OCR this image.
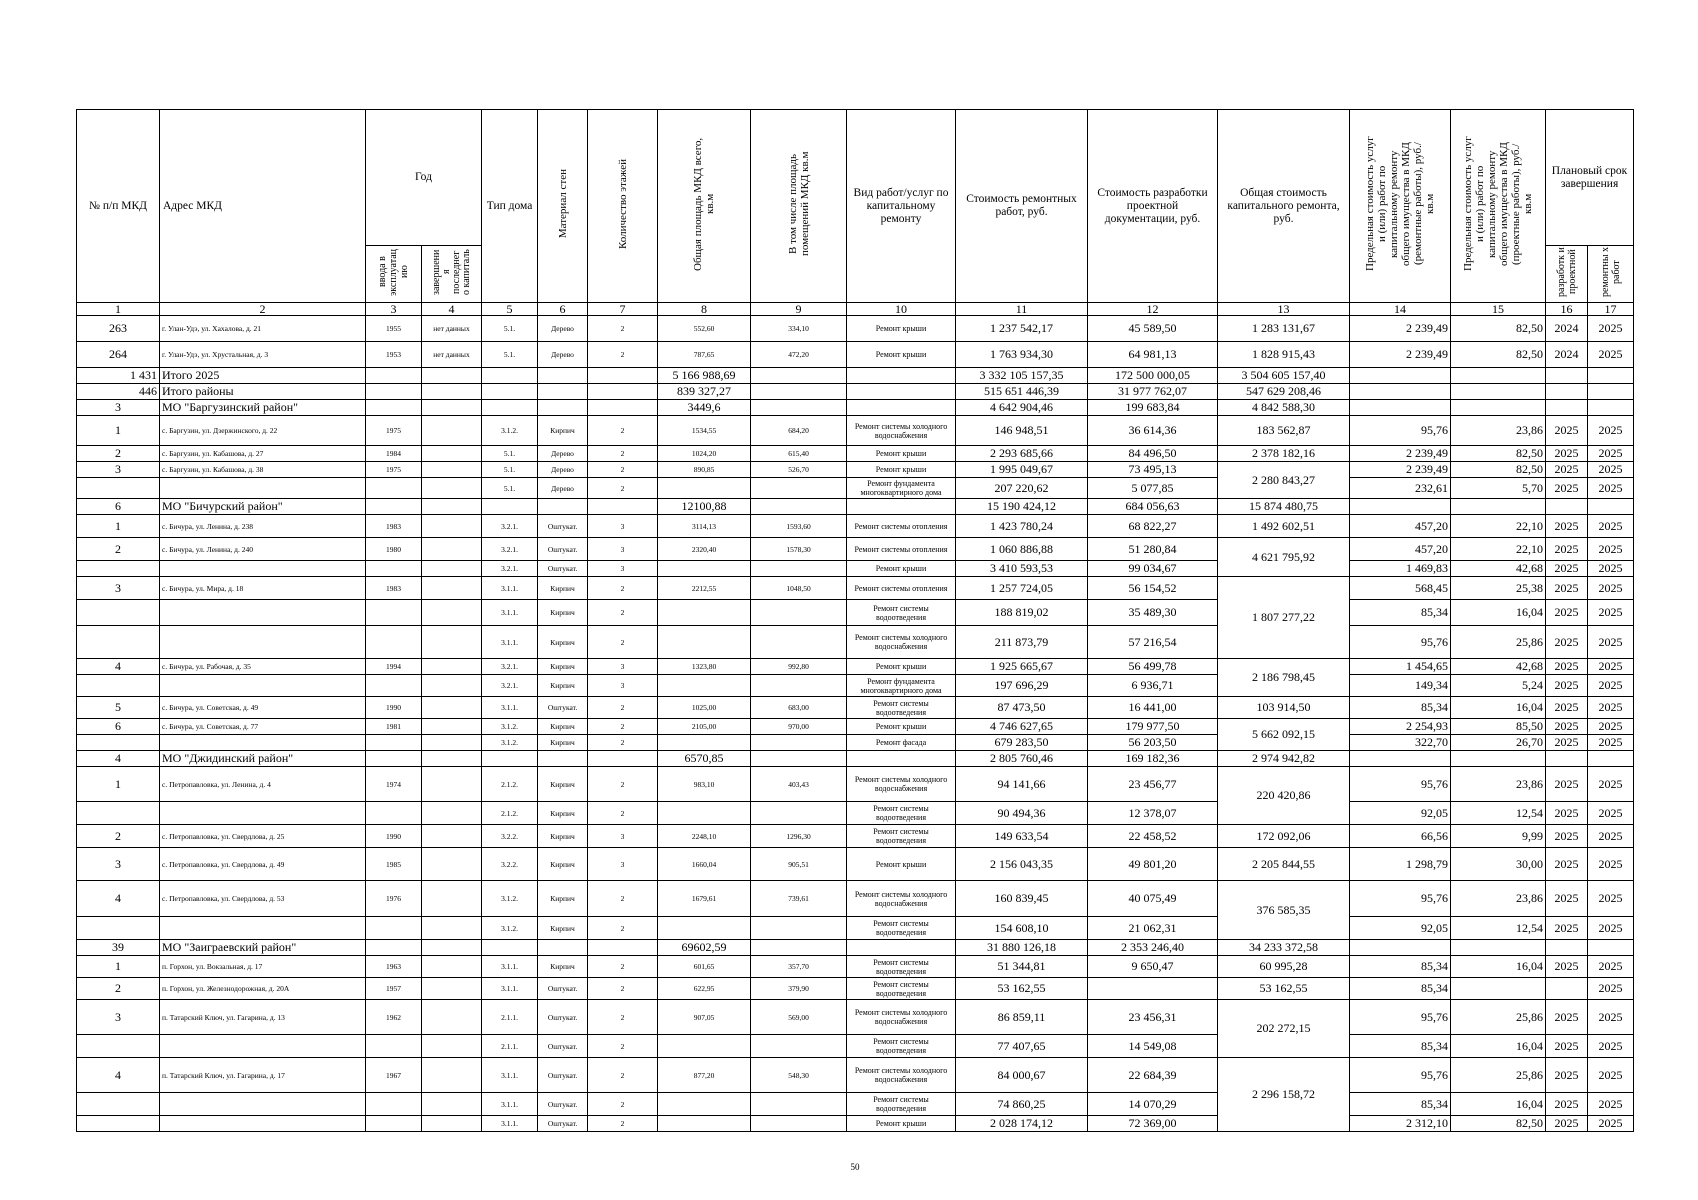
№ п/п МКД	Адрес МКД	Год		Тип дома	Материал стен	Количество этажей	Общая площадь МКД всего, кв.м	В том числе площадь помещений МКД кв.м	Вид работ/услуг по капитальному ремонту	Стоимость ремонтных работ, руб.	Стоимость разработки проектной документации, руб.	Общая стоимость капитального ремонта, руб.	Предельная стоимость услуг и (или) работ по капитальному ремонту общего имущества в МКД (ремонтные работы), руб./кв.м	Предельная стоимость услуг и (или) работ по капитальному ремонту общего имущества в МКД (проектные работы), руб./кв.м	Плановый срок завершения	
		ввода в эксплуатац ию	завершени я последнег о капиталь												разработк и проектной	ремонтны х работ
1	2	3	4	5	6	7	8	9	10	11	12	13	14	15	16	17
263	г. Улан-Удэ, ул. Хахалова, д. 21	1955	нет данных	5.1.	Дерево	2	552,60	334,10	Ремонт крыши	1 237 542,17	45 589,50	1 283 131,67	2 239,49	82,50	2024	2025
264	г. Улан-Удэ, ул. Хрустальная, д. 3	1953	нет данных	5.1.	Дерево	2	787,65	472,20	Ремонт крыши	1 763 934,30	64 981,13	1 828 915,43	2 239,49	82,50	2024	2025
1 431	Итого 2025						5 166 988,69			3 332 105 157,35	172 500 000,05	3 504 605 157,40				
446	Итого районы						839 327,27			515 651 446,39	31 977 762,07	547 629 208,46				
3	МО "Баргузинский район"						3449,6			4 642 904,46	199 683,84	4 842 588,30				
1	с. Баргузин, ул. Дзержинского, д. 22	1975		3.1.2.	Кирпич	2	1534,55	684,20	Ремонт системы холодного водоснабжения	146 948,51	36 614,36	183 562,87	95,76	23,86	2025	2025
2	с. Баргузин, ул. Кабашова, д. 27	1984		5.1.	Дерево	2	1024,20	615,40	Ремонт крыши	2 293 685,66	84 496,50	2 378 182,16	2 239,49	82,50	2025	2025
3	с. Баргузин, ул. Кабашова, д. 38	1975		5.1.	Дерево	2	890,85	526,70	Ремонт крыши	1 995 049,67	73 495,13	2 280 843,27	2 239,49	82,50	2025	2025
				5.1.	Дерево	2			Ремонт фундамента многоквартирного дома	207 220,62	5 077,85		232,61	5,70	2025	2025
6	МО "Бичурский район"						12100,88			15 190 424,12	684 056,63	15 874 480,75				
1	с. Бичура, ул. Ленина, д. 238	1983		3.2.1.	Оштукат.	3	3114,13	1593,60	Ремонт системы отопления	1 423 780,24	68 822,27	1 492 602,51	457,20	22,10	2025	2025
2	с. Бичура, ул. Ленина, д. 240	1980		3.2.1.	Оштукат.	3	2320,40	1578,30	Ремонт системы отопления	1 060 886,88	51 280,84	4 621 795,92	457,20	22,10	2025	2025
				3.2.1.	Оштукат.	3			Ремонт крыши	3 410 593,53	99 034,67		1 469,83	42,68	2025	2025
3	с. Бичура, ул. Мира, д. 18	1983		3.1.1.	Кирпич	2	2212,55	1048,50	Ремонт системы отопления	1 257 724,05	56 154,52	1 807 277,22	568,45	25,38	2025	2025
				3.1.1.	Кирпич	2			Ремонт системы водоотведения	188 819,02	35 489,30		85,34	16,04	2025	2025
				3.1.1.	Кирпич	2			Ремонт системы холодного водоснабжения	211 873,79	57 216,54		95,76	25,86	2025	2025
4	с. Бичура, ул. Рабочая, д. 35	1994		3.2.1.	Кирпич	3	1323,80	992,80	Ремонт крыши	1 925 665,67	56 499,78	2 186 798,45	1 454,65	42,68	2025	2025
				3.2.1.	Кирпич	3			Ремонт фундамента многоквартирного дома	197 696,29	6 936,71		149,34	5,24	2025	2025
5	с. Бичура, ул. Советская, д. 49	1990		3.1.1.	Оштукат.	2	1025,00	683,00	Ремонт системы водоотведения	87 473,50	16 441,00	103 914,50	85,34	16,04	2025	2025
6	с. Бичура, ул. Советская, д. 77	1981		3.1.2.	Кирпич	2	2105,00	970,00	Ремонт крыши	4 746 627,65	179 977,50	5 662 092,15	2 254,93	85,50	2025	2025
				3.1.2.	Кирпич	2			Ремонт фасада	679 283,50	56 203,50		322,70	26,70	2025	2025
4	МО "Джидинский район"						6570,85			2 805 760,46	169 182,36	2 974 942,82				
1	с. Петропавловка, ул. Ленина, д. 4	1974		2.1.2.	Кирпич	2	983,10	403,43	Ремонт системы холодного водоснабжения	94 141,66	23 456,77	220 420,86	95,76	23,86	2025	2025
				2.1.2.	Кирпич	2			Ремонт системы водоотведения	90 494,36	12 378,07		92,05	12,54	2025	2025
2	с. Петропавловка, ул. Свердлова, д. 25	1990		3.2.2.	Кирпич	3	2248,10	1296,30	Ремонт системы водоотведения	149 633,54	22 458,52	172 092,06	66,56	9,99	2025	2025
3	с. Петропавловка, ул. Свердлова, д. 49	1985		3.2.2.	Кирпич	3	1660,04	905,51	Ремонт крыши	2 156 043,35	49 801,20	2 205 844,55	1 298,79	30,00	2025	2025
4	с. Петропавловка, ул. Свердлова, д. 53	1976		3.1.2.	Кирпич	2	1679,61	739,61	Ремонт системы холодного водоснабжения	160 839,45	40 075,49	376 585,35	95,76	23,86	2025	2025
				3.1.2.	Кирпич	2			Ремонт системы водоотведения	154 608,10	21 062,31		92,05	12,54	2025	2025
39	МО "Заиграевский район"						69602,59			31 880 126,18	2 353 246,40	34 233 372,58				
1	п. Горхон, ул. Вокзальная, д. 17	1963		3.1.1.	Кирпич	2	601,65	357,70	Ремонт системы водоотведения	51 344,81	9 650,47	60 995,28	85,34	16,04	2025	2025
2	п. Горхон, ул. Железнодорожная, д. 20А	1957		3.1.1.	Оштукат.	2	622,95	379,90	Ремонт системы водоотведения	53 162,55		53 162,55	85,34			2025
3	п. Татарский Ключ, ул. Гагарина, д. 13	1962		2.1.1.	Оштукат.	2	907,05	569,00	Ремонт системы холодного водоснабжения	86 859,11	23 456,31	202 272,15	95,76	25,86	2025	2025
				2.1.1.	Оштукат.	2			Ремонт системы водоотведения	77 407,65	14 549,08		85,34	16,04	2025	2025
4	п. Татарский Ключ, ул. Гагарина, д. 17	1967		3.1.1.	Оштукат.	2	877,20	548,30	Ремонт системы холодного водоснабжения	84 000,67	22 684,39	2 296 158,72	95,76	25,86	2025	2025
				3.1.1.	Оштукат.	2			Ремонт системы водоотведения	74 860,25	14 070,29		85,34	16,04	2025	2025
				3.1.1.	Оштукат.	2			Ремонт крыши	2 028 174,12	72 369,00		2 312,10	82,50	2025	2025
50
